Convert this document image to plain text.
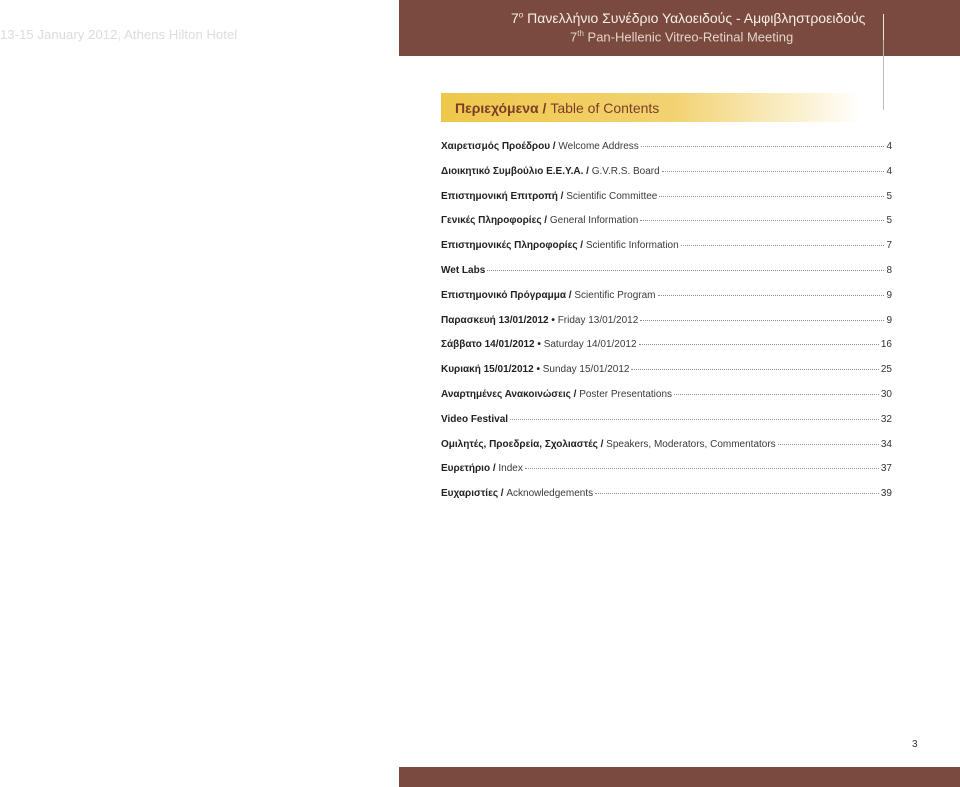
13-15 January 2012, Athens Hilton Hotel
$7^o$ Πανελλήνιο Συνέδριο Υαλοειδούς - Αμφιβληστροειδούς
7th Pan-Hellenic Vitreo-Retinal Meeting
Περιεχόμενα / Table of Contents
Χαιρετισμός Προέδρου /
Welcome Address	4
Διοικητικό Συμβούλιο Ε.Ε.Υ.Α. /
G.V.R.S. Board	4
Επιστημονική Επιτροπή /
Scientific Committee	5
Γενικές Πληροφορίες /
General Information	5
Επιστημονικές Πληροφορίες /
Scientific Information	7
Wet Labs	8
Επιστημονικό Πρόγραμμα /
Scientific Program	9
Παρασκευή 13/01/2012 •
Friday 13/01/2012	9
Σάββατο 14/01/2012 •
Saturday 14/01/2012	16
Κυριακή 15/01/2012 •
Sunday 15/01/2012	25
Αναρτημένες Ανακοινώσεις /
Poster Presentations	30
Video Festival	32
Ομιλητές, Προεδρεία, Σχολιαστές /
Speakers, Moderators, Commentators	34
Ευρετήριο /
Index	37
Ευχαριστίες /
Acknowledgements	39
3
